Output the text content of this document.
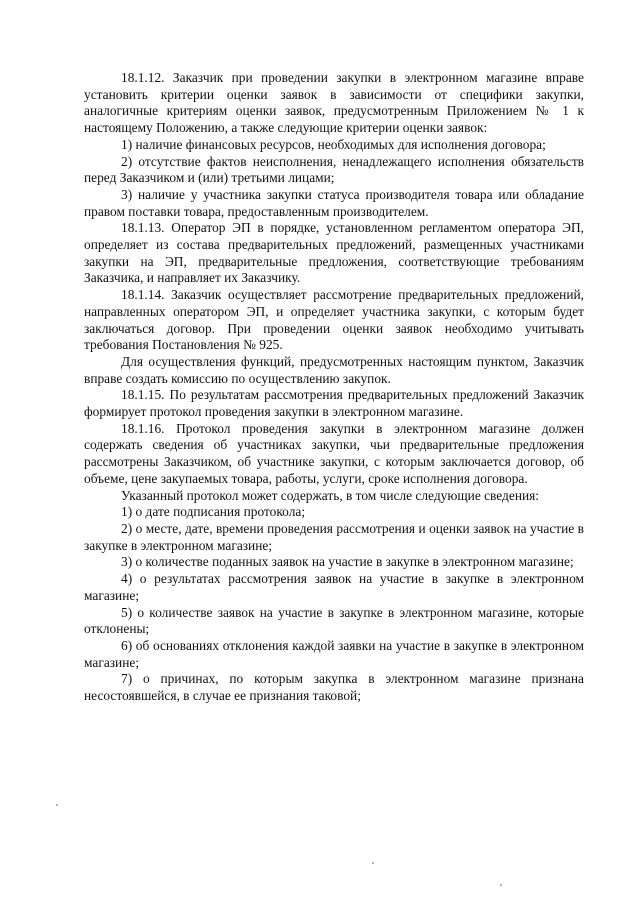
18.1.12. Заказчик при проведении закупки в электронном магазине вправе установить критерии оценки заявок в зависимости от специфики закупки, аналогичные критериям оценки заявок, предусмотренным Приложением № 1 к настоящему Положению, а также следующие критерии оценки заявок:

1) наличие финансовых ресурсов, необходимых для исполнения договора;

2) отсутствие фактов неисполнения, ненадлежащего исполнения обязательств перед Заказчиком и (или) третьими лицами;

3) наличие у участника закупки статуса производителя товара или обладание правом поставки товара, предоставленным производителем.

18.1.13. Оператор ЭП в порядке, установленном регламентом оператора ЭП, определяет из состава предварительных предложений, размещенных участниками закупки на ЭП, предварительные предложения, соответствующие требованиям Заказчика, и направляет их Заказчику.

18.1.14. Заказчик осуществляет рассмотрение предварительных предложений, направленных оператором ЭП, и определяет участника закупки, с которым будет заключаться договор. При проведении оценки заявок необходимо учитывать требования Постановления № 925.

Для осуществления функций, предусмотренных настоящим пунктом, Заказчик вправе создать комиссию по осуществлению закупок.

18.1.15. По результатам рассмотрения предварительных предложений Заказчик формирует протокол проведения закупки в электронном магазине.

18.1.16. Протокол проведения закупки в электронном магазине должен содержать сведения об участниках закупки, чьи предварительные предложения рассмотрены Заказчиком, об участнике закупки, с которым заключается договор, об объеме, цене закупаемых товара, работы, услуги, сроке исполнения договора.

Указанный протокол может содержать, в том числе следующие сведения:

1) о дате подписания протокола;

2) о месте, дате, времени проведения рассмотрения и оценки заявок на участие в закупке в электронном магазине;

3) о количестве поданных заявок на участие в закупке в электронном магазине;

4) о результатах рассмотрения заявок на участие в закупке в электронном магазине;

5) о количестве заявок на участие в закупке в электронном магазине, которые отклонены;

6) об основаниях отклонения каждой заявки на участие в закупке в электронном магазине;

7) о причинах, по которым закупка в электронном магазине признана несостоявшейся, в случае ее признания таковой;
